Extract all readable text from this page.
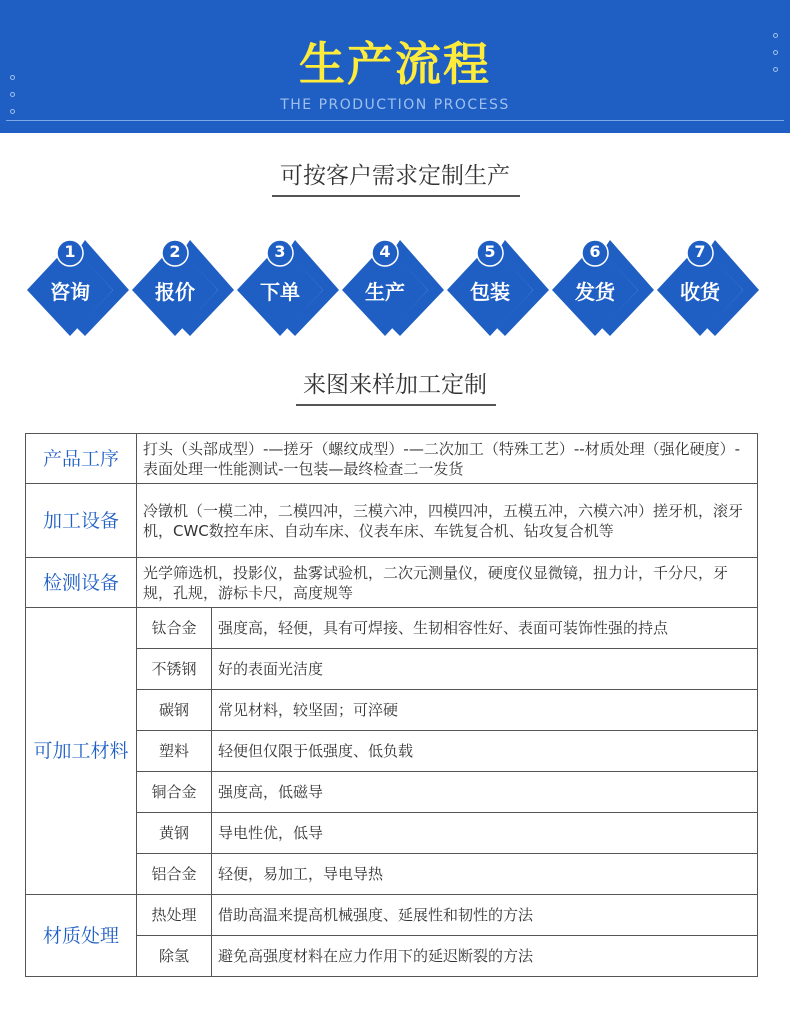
生产流程
THE PRODUCTION PROCESS
可按客户需求定制生产
1
咨询
2
报价
3
下单
4
生产
5
包装
6
发货
7
收货
来图来样加工定制
产品工序	打头（头部成型）-—搓牙（螺纹成型）-—二次加工（特殊工艺）--材质处理（强化硬度）-表面处理一性能测试-一包装—最终检查二一发货	
加工设备	冷镦机（一模二冲，二模四冲，三模六冲，四模四冲，五模五冲，六模六冲）搓牙机，滚牙机，CWC数控车床、自动车床、仪表车床、车铣复合机、钻攻复合机等	
检测设备	光学筛选机，投影仪，盐雾试验机，二次元测量仪，硬度仪显微镜，扭力计，千分尺，牙规，孔规，游标卡尺，高度规等	
可加工材料	钛合金	强度高，轻便，具有可焊接、生韧相容性好、表面可装饰性强的持点
	不锈钢	好的表面光洁度
	碳钢	常见材料，较坚固；可淬硬
	塑料	轻便但仅限于低强度、低负载
	铜合金	强度高，低磁导
	黄钢	导电性优，低导
	铝合金	轻便，易加工，导电导热
材质处理	热处理	借助高温来提高机械强度、延展性和韧性的方法
	除氢	避免高强度材料在应力作用下的延迟断裂的方法
